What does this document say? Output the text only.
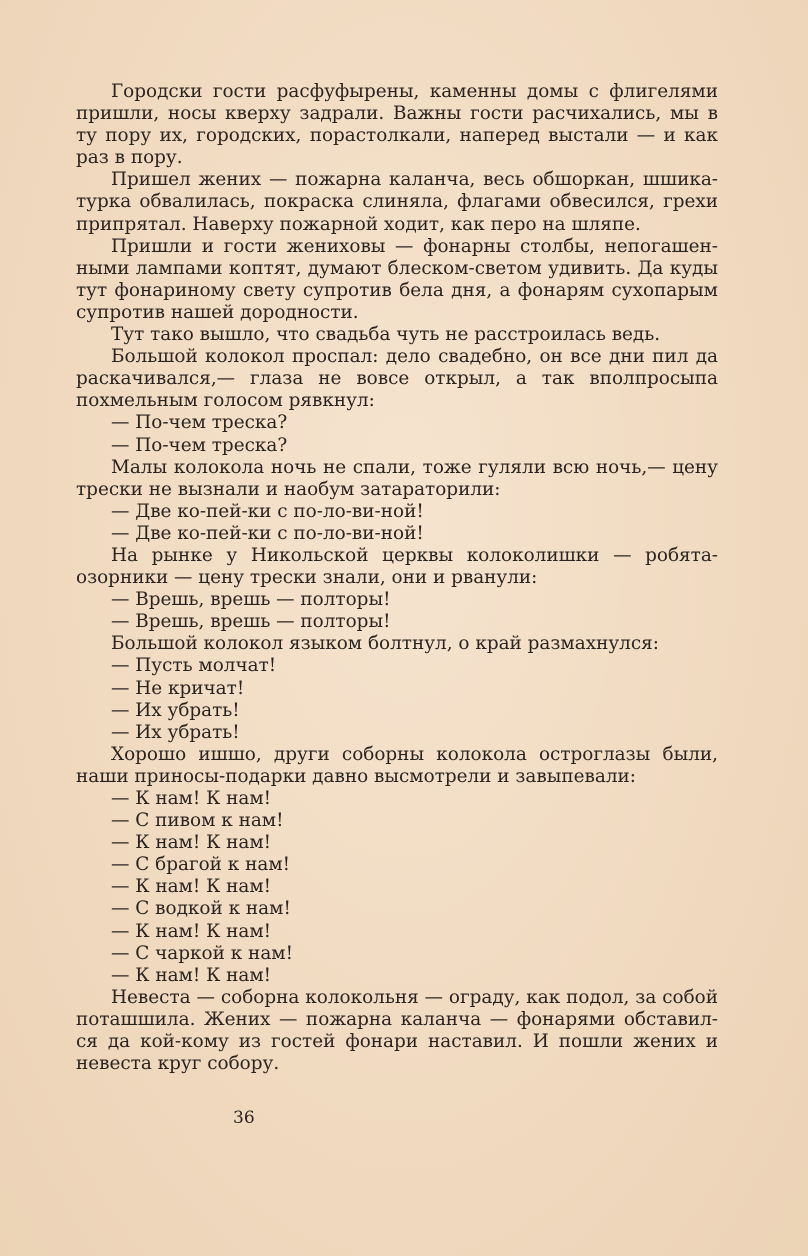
Городски гости расфуфырены, каменны домы с флигелями
пришли, носы кверху задрали. Важны гости расчихались, мы в
ту пору их, городских, порастолкали, наперед выстали — и как
раз в пору.
Пришел жених — пожарна каланча, весь обшоркан, шшика-
турка обвалилась, покраска слиняла, флагами обвесился, грехи
припрятал. Наверху пожарной ходит, как перо на шляпе.
Пришли и гости жениховы — фонарны столбы, непогашен-
ными лампами коптят, думают блеском-светом удивить. Да куды
тут фонариному свету супротив бела дня, а фонарям сухопарым
супротив нашей дородности.
Тут тако вышло, что свадьба чуть не расстроилась ведь.
Большой колокол проспал: дело свадебно, он все дни пил да
раскачивался,— глаза не вовсе открыл, а так вполпросыпа
похмельным голосом рявкнул:
— По-чем треска?
— По-чем треска?
Малы колокола ночь не спали, тоже гуляли всю ночь,— цену
трески не вызнали и наобум затараторили:
— Две ко-пей-ки с по-ло-ви-ной!
— Две ко-пей-ки с по-ло-ви-ной!
На рынке у Никольской церквы колоколишки — робята-
озорники — цену трески знали, они и рванули:
— Врешь, врешь — полторы!
— Врешь, врешь — полторы!
Большой колокол языком болтнул, о край размахнулся:
— Пусть молчат!
— Не кричат!
— Их убрать!
— Их убрать!
Хорошо ишшо, други соборны колокола остроглазы были,
наши приносы-подарки давно высмотрели и завыпевали:
— К нам! К нам!
— С пивом к нам!
— К нам! К нам!
— С брагой к нам!
— К нам! К нам!
— С водкой к нам!
— К нам! К нам!
— С чаркой к нам!
— К нам! К нам!
Невеста — соборна колокольня — ограду, как подол, за собой
поташшила. Жених — пожарна каланча — фонарями обставил-
ся да кой-кому из гостей фонари наставил. И пошли жених и
невеста круг собору.
36
